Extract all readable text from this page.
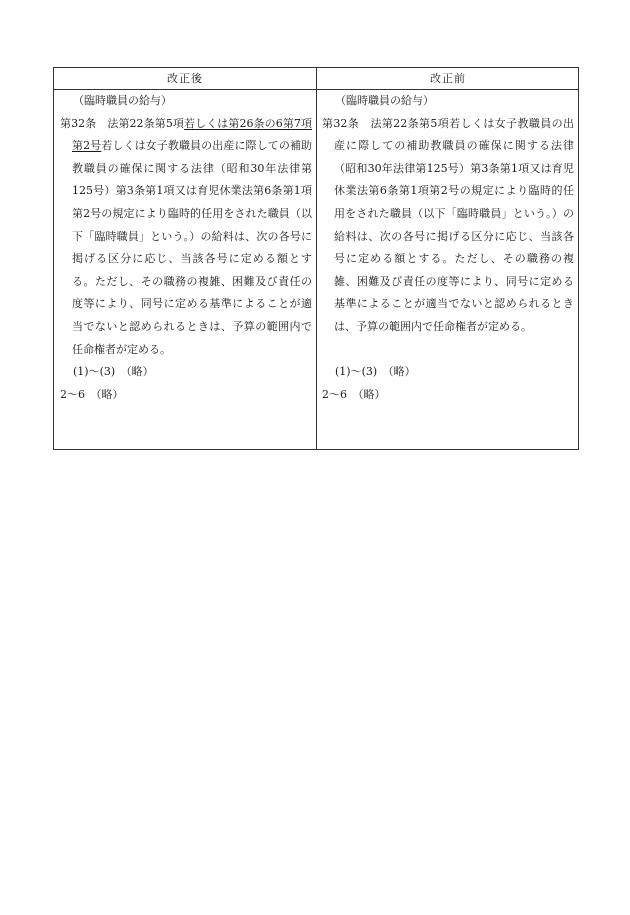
改正後	改正前
（臨時職員の給与）
第32条　法第22条第5項若しくは第26条の6第7項第2号若しくは女子教職員の出産に際しての補助教職員の確保に関する法律（昭和30年法律第125号）第3条第1項又は育児休業法第6条第1項第2号の規定により臨時的任用をされた職員（以下「臨時職員」という。）の給料は、次の各号に掲げる区分に応じ、当該各号に定める額とする。ただし、その職務の複雑、困難及び責任の度等により、同号に定める基準によることが適当でないと認められるときは、予算の範囲内で任命権者が定める。
(1)〜(3)　（略）
2〜6　（略）
（臨時職員の給与）
第32条　法第22条第5項若しくは女子教職員の出産に際しての補助教職員の確保に関する法律（昭和30年法律第125号）第3条第1項又は育児休業法第6条第1項第2号の規定により臨時的任用をされた職員（以下「臨時職員」という。）の給料は、次の各号に掲げる区分に応じ、当該各号に定める額とする。ただし、その職務の複雑、困難及び責任の度等により、同号に定める基準によることが適当でないと認められるときは、予算の範囲内で任命権者が定める。
(1)〜(3)　（略）
2〜6　（略）
